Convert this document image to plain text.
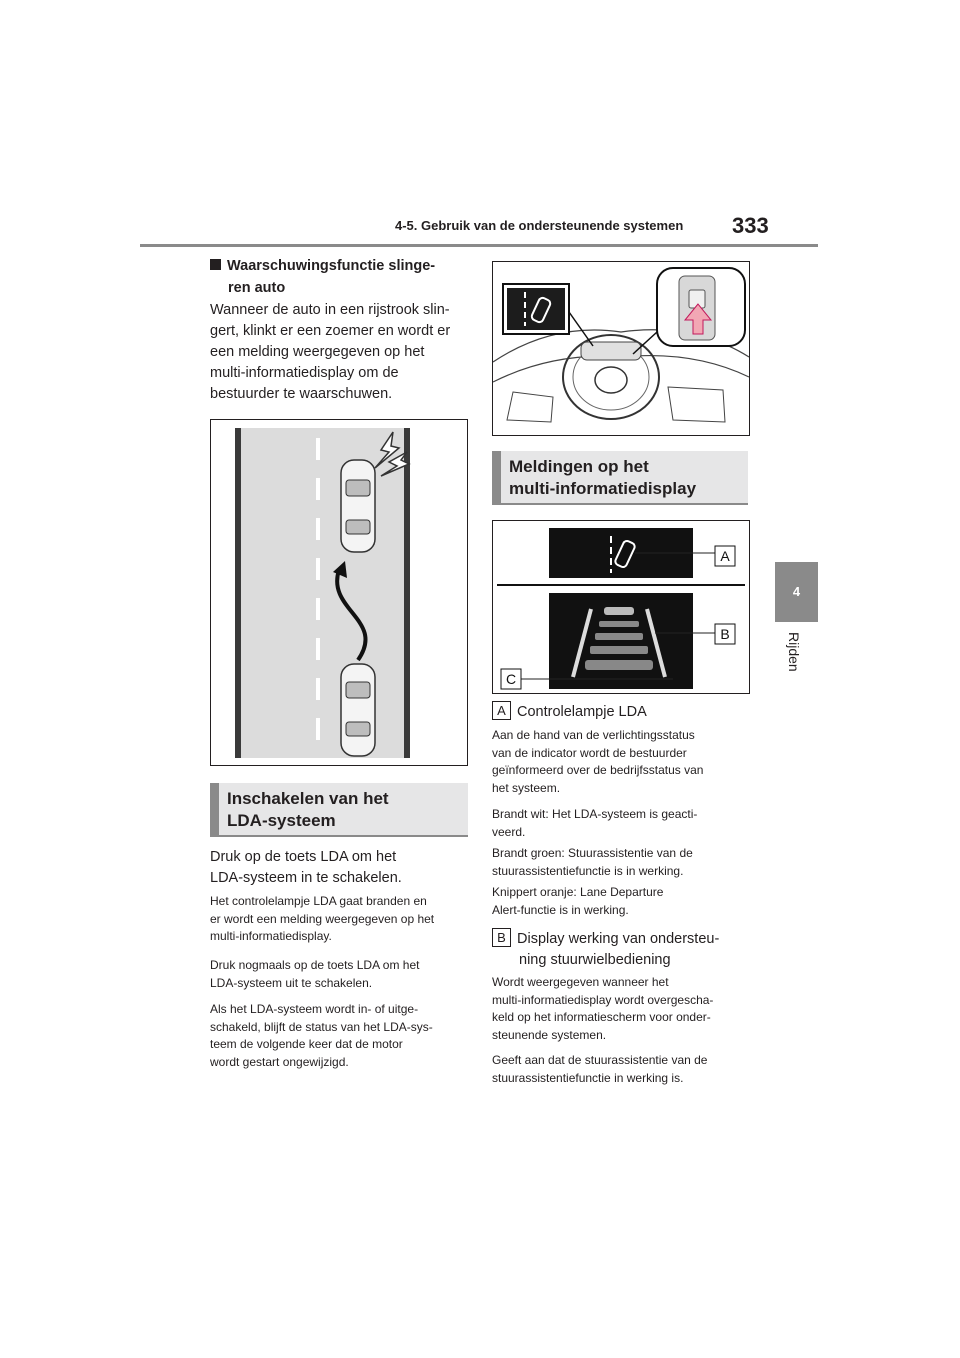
4-5. Gebruik van de ondersteunende systemen 333
4
Rijden
Waarschuwingsfunctie slinge-
ren auto
Wanneer de auto in een rijstrook slin-
gert, klinkt er een zoemer en wordt er
een melding weergegeven op het
multi-informatiedisplay om de
bestuurder te waarschuwen.
Inschakelen van het
LDA-systeem
Druk op de toets LDA om het
LDA-systeem in te schakelen.
Het controlelampje LDA gaat branden en
er wordt een melding weergegeven op het
multi-informatiedisplay.
Druk nogmaals op de toets LDA om het
LDA-systeem uit te schakelen.
Als het LDA-systeem wordt in- of uitge-
schakeld, blijft de status van het LDA-sys-
teem de volgende keer dat de motor
wordt gestart ongewijzigd.
Meldingen op het
multi-informatiedisplay
A
B
C
A Controlelampje LDA
Aan de hand van de verlichtingsstatus
van de indicator wordt de bestuurder
geïnformeerd over de bedrijfsstatus van
het systeem.
Brandt wit: Het LDA-systeem is geacti-
veerd.
Brandt groen: Stuurassistentie van de
stuurassistentiefunctie is in werking.
Knippert oranje: Lane Departure
Alert-functie is in werking.
B Display werking van ondersteu-
ning stuurwielbediening
Wordt weergegeven wanneer het
multi-informatiedisplay wordt overgescha-
keld op het informatiescherm voor onder-
steunende systemen.
Geeft aan dat de stuurassistentie van de
stuurassistentiefunctie in werking is.
